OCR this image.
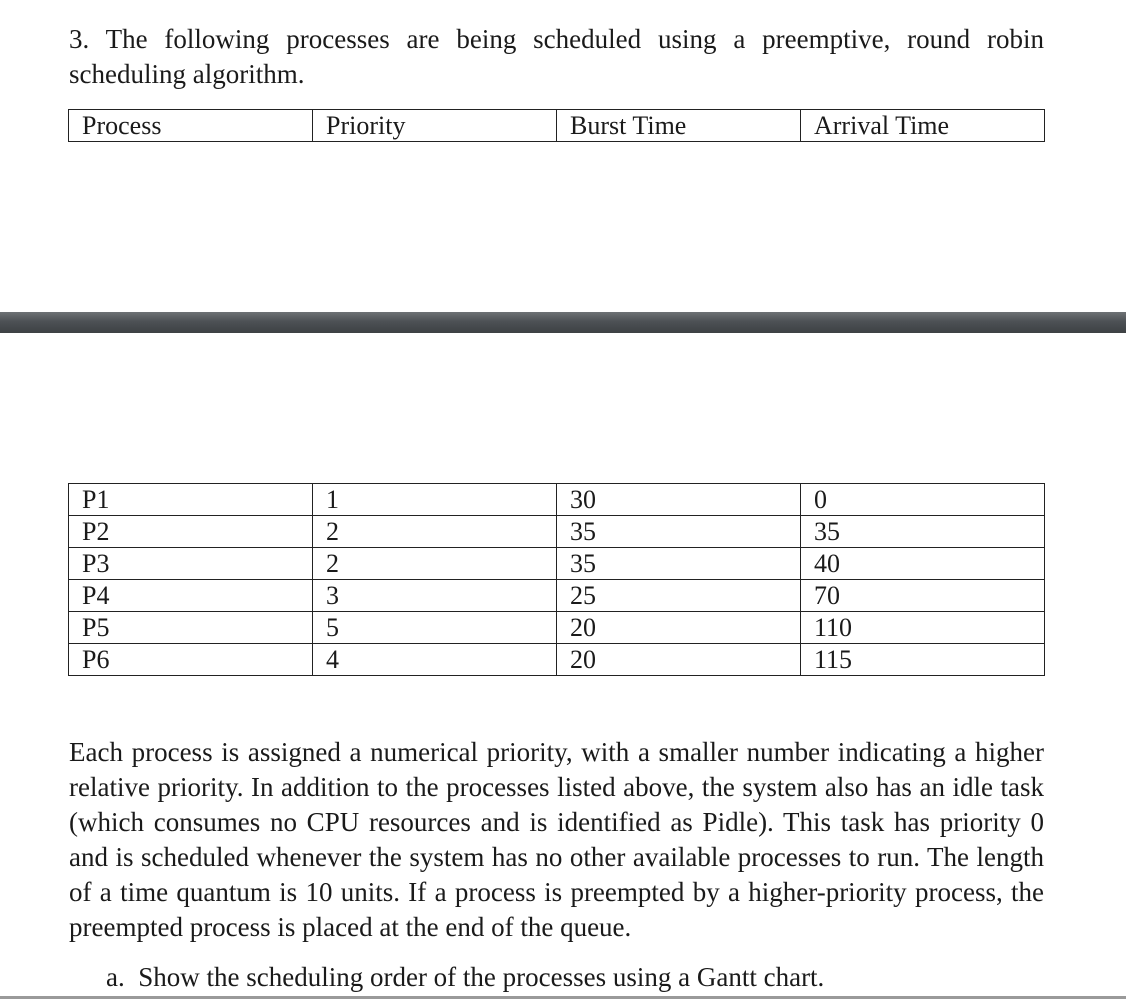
3. The following processes are being scheduled using a preemptive, round robin scheduling algorithm.
Process	Priority	Burst Time	Arrival Time
P1	1	30	0
P2	2	35	35
P3	2	35	40
P4	3	25	70
P5	5	20	110
P6	4	20	115
Each process is assigned a numerical priority, with a smaller number indicating a higher relative priority. In addition to the processes listed above, the system also has an idle task (which consumes no CPU resources and is identified as Pidle). This task has priority 0 and is scheduled whenever the system has no other available processes to run. The length of a time quantum is 10 units. If a process is preempted by a higher-priority process, the preempted process is placed at the end of the queue.
a. Show the scheduling order of the processes using a Gantt chart.
